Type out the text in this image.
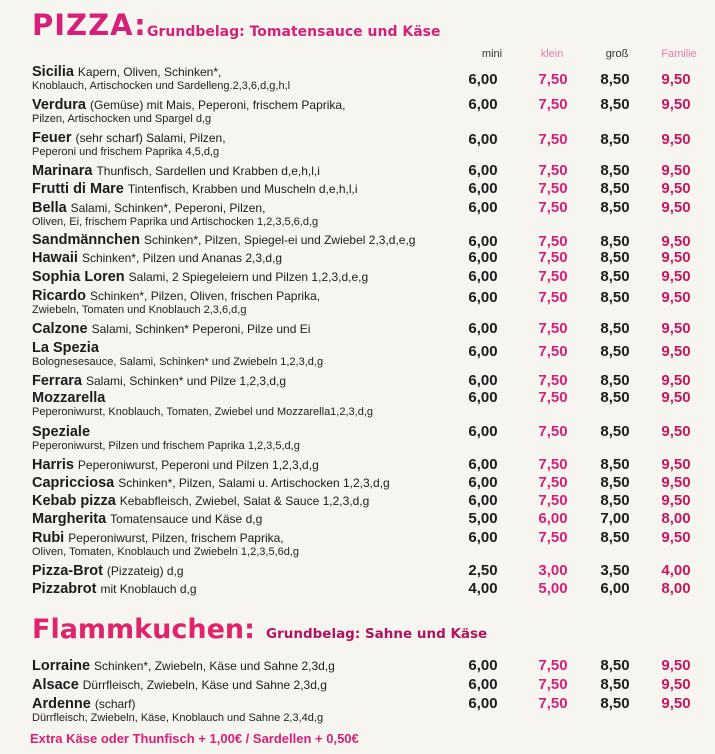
PIZZA: Grundbelag: Tomatensauce und Käse
mini	klein	groß	Familie
Flammkuchen: Grundbelag: Sahne und Käse
Sicilia Kapern, Oliven, Schinken*,
Knoblauch, Artischocken und Sardelleng.2,3,6,d,g,h,l	6,00	7,50	8,50	9,50
Verdura (Gemüse) mit Mais, Peperoni, frischem Paprika,
Pilzen, Artischocken und Spargel d,g
6,00	7,50	8,50	9,50
Feuer (sehr scharf) Salami, Pilzen,
Peperoni und frischem Paprika 4,5,d,g
6,00	7,50	8,50	9,50
Marinara Thunfisch, Sardellen und Krabben d,e,h,l,i	6,00	7,50	8,50	9,50
Frutti di Mare Tintenfisch, Krabben und Muscheln d,e,h,l,i	6,00	7,50	8,50	9,50
Bella Salami, Schinken*, Peperoni, Pilzen,
Oliven, Ei, frischem Paprika und Artischocken 1,2,3,5,6,d,g
6,00	7,50	8,50	9,50
Sandmännchen Schinken*, Pilzen, Spiegel-ei und Zwiebel 2,3,d,e,g	6,00	7,50	8,50	9,50
Hawaii Schinken*, Pilzen und Ananas 2,3,d,g	6,00	7,50	8,50	9,50
Sophia Loren Salami, 2 Spiegeleiern und Pilzen 1,2,3,d,e,g	6,00	7,50	8,50	9,50
Ricardo Schinken*, Pilzen, Oliven, frischen Paprika,
Zwiebeln, Tomaten und Knoblauch 2,3,6,d,g
6,00	7,50	8,50	9,50
Calzone Salami, Schinken* Peperoni, Pilze und Ei	6,00	7,50	8,50	9,50
La Spezia
Bolognesesauce, Salami, Schinken* und Zwiebeln 1,2,3,d,g
6,00	7,50	8,50	9,50
Ferrara Salami, Schinken* und Pilze 1,2,3,d,g	6,00	7,50	8,50	9,50
Mozzarella
Peperoniwurst, Knoblauch, Tomaten, Zwiebel und Mozzarella1,2,3,d,g
6,00	7,50	8,50	9,50
Speziale
Peperoniwurst, Pilzen und frischem Paprika 1,2,3,5,d,g
6,00	7,50	8,50	9,50
Harris Peperoniwurst, Peperoni und Pilzen 1,2,3,d,g	6,00	7,50	8,50	9,50
Capricciosa Schinken*, Pilzen, Salami u. Artischocken 1,2,3,d,g	6,00	7,50	8,50	9,50
Kebab pizza Kebabfleisch, Zwiebel, Salat & Sauce 1,2,3,d,g	6,00	7,50	8,50	9,50
Margherita Tomatensauce und Käse d,g	5,00	6,00	7,00	8,00
Rubi Peperoniwurst, Pilzen, frischem Paprika,
Oliven, Tomaten, Knoblauch und Zwiebeln 1,2,3,5,6d,g
6,00	7,50	8,50	9,50
Pizza-Brot (Pizzateig) d,g	2,50	3,00	3,50	4,00
Pizzabrot mit Knoblauch d,g	4,00	5,00	6,00	8,00
Lorraine Schinken*, Zwiebeln, Käse und Sahne 2,3d,g	6,00	7,50	8,50	9,50
Alsace Dürrfleisch, Zwiebeln, Käse und Sahne 2,3d,g	6,00	7,50	8,50	9,50
Ardenne (scharf)
Dürrfleisch, Zwiebeln, Käse, Knoblauch und Sahne 2,3,4d,g
6,00	7,50	8,50	9,50
Extra Käse oder Thunfisch + 1,00€ / Sardellen + 0,50€
